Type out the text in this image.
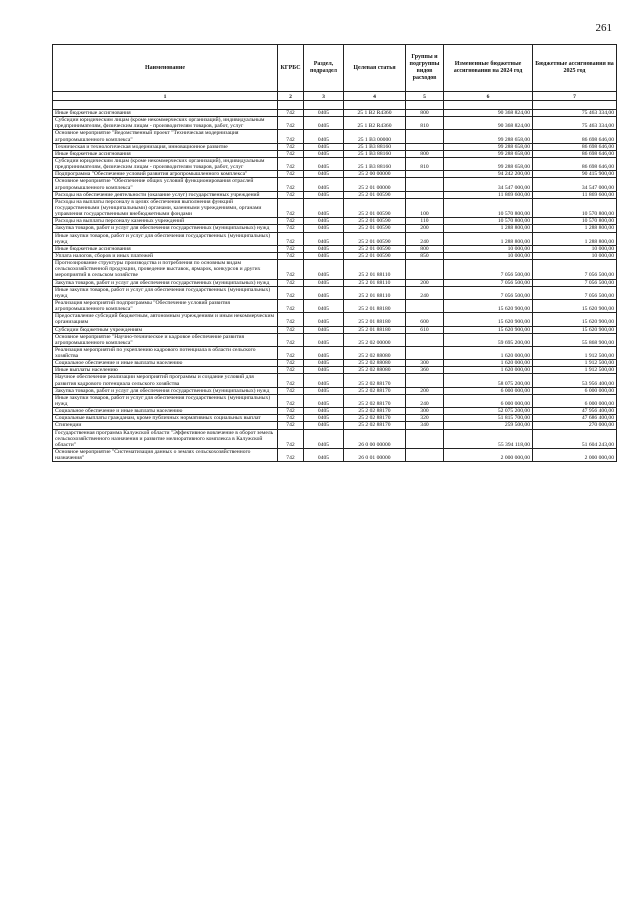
261
Наименование	КГРБС	Раздел, подраздел	Целевая статья	Группы и подгруппы видов расходов	Измененные бюджетные ассигнования на 2024 год	Бюджетные ассигнования на 2025 год
1	2	3	4	5	6	7

Иные бюджетные ассигнования	742	0405	25 1 В2 R4360	800	90 368 824,00	75 463 334,00
Субсидии юридическим лицам (кроме некоммерческих организаций), индивидуальным предпринимателям, физическим лицам - производителям товаров, работ, услуг	742	0405	25 1 В2 R4360	810	90 368 824,00	75 463 334,00
Основное мероприятие "Ведомственный проект "Техническая модернизация агропромышленного комплекса"	742	0405	25 1 В3 00000		99 288 658,00	86 698 646,00
Техническая и технологическая модернизация, инновационное развитие	742	0405	25 1 В3 88160		99 288 658,00	86 698 646,00
Иные бюджетные ассигнования	742	0405	25 1 В3 88160	800	99 288 658,00	86 698 646,00
Субсидии юридическим лицам (кроме некоммерческих организаций), индивидуальным предпринимателям, физическим лицам - производителям товаров, работ, услуг	742	0405	25 1 В3 88160	810	99 288 658,00	86 698 646,00
Подпрограмма "Обеспечение условий развития агропромышленного комплекса"	742	0405	25 2 00 00000		94 242 200,00	90 415 900,00
Основное мероприятие "Обеспечение общих условий функционирования отраслей агропромышленного комплекса"	742	0405	25 2 01 00000		34 547 000,00	34 547 000,00
Расходы на обеспечение деятельности (оказание услуг) государственных учреждений	742	0405	25 2 01 00590		11 869 600,00	11 869 600,00
Расходы на выплаты персоналу в целях обеспечения выполнения функций государственными (муниципальными) органами, казенными учреждениями, органами управления государственными внебюджетными фондами	742	0405	25 2 01 00590	100	10 570 800,00	10 570 800,00
Расходы на выплаты персоналу казенных учреждений	742	0405	25 2 01 00590	110	10 570 800,00	10 570 800,00
Закупка товаров, работ и услуг для обеспечения государственных (муниципальных) нужд	742	0405	25 2 01 00590	200	1 288 800,00	1 288 800,00
Иные закупки товаров, работ и услуг для обеспечения государственных (муниципальных) нужд	742	0405	25 2 01 00590	240	1 288 800,00	1 288 800,00
Иные бюджетные ассигнования	742	0405	25 2 01 00590	800	10 000,00	10 000,00
Уплата налогов, сборов и иных платежей	742	0405	25 2 01 00590	850	10 000,00	10 000,00
Прогнозирование структуры производства и потребления по основным видам сельскохозяйственной продукции, проведение выставок, ярмарок, конкурсов и других мероприятий в сельском хозяйстве	742	0405	25 2 01 88110		7 056 500,00	7 056 500,00
Закупка товаров, работ и услуг для обеспечения государственных (муниципальных) нужд	742	0405	25 2 01 88110	200	7 056 500,00	7 056 500,00
Иные закупки товаров, работ и услуг для обеспечения государственных (муниципальных) нужд	742	0405	25 2 01 88110	240	7 056 500,00	7 056 500,00
Реализация мероприятий подпрограммы "Обеспечение условий развития агропромышленного комплекса"	742	0405	25 2 01 88180		15 620 900,00	15 620 900,00
Предоставление субсидий бюджетным, автономным учреждениям и иным некоммерческим организациям	742	0405	25 2 01 88180	600	15 620 900,00	15 620 900,00
Субсидии бюджетным учреждениям	742	0405	25 2 01 88180	610	15 620 900,00	15 620 900,00
Основное мероприятие "Научно-техническое и кадровое обеспечение развития агропромышленного комплекса"	742	0405	25 2 02 00000		59 695 200,00	55 868 900,00
Реализация мероприятий по укреплению кадрового потенциала в области сельского хозяйства	742	0405	25 2 02 88080		1 620 000,00	1 912 500,00
Социальное обеспечение и иные выплаты населению	742	0405	25 2 02 88080	300	1 620 000,00	1 912 500,00
Иные выплаты населению	742	0405	25 2 02 88080	360	1 620 000,00	1 912 500,00
Научное обеспечение реализации мероприятий программы и создание условий для развития кадрового потенциала сельского хозяйства	742	0405	25 2 02 88170		58 075 200,00	53 956 400,00
Закупка товаров, работ и услуг для обеспечения государственных (муниципальных) нужд	742	0405	25 2 02 88170	200	6 000 000,00	6 000 000,00
Иные закупки товаров, работ и услуг для обеспечения государственных (муниципальных) нужд	742	0405	25 2 02 88170	240	6 000 000,00	6 000 000,00
Социальное обеспечение и иные выплаты населению	742	0405	25 2 02 88170	300	52 075 200,00	47 956 400,00
Социальные выплаты гражданам, кроме публичных нормативных социальных выплат	742	0405	25 2 02 88170	320	51 815 700,00	47 686 400,00
Стипендии	742	0405	25 2 02 88170	340	259 500,00	270 000,00
Государственная программа Калужской области "Эффективное вовлечение в оборот земель сельскохозяйственного назначения и развитие мелиоративного комплекса в Калужской области"	742	0405	26 0 00 00000		55 394 118,00	51 604 243,00
Основное мероприятие "Систематизация данных о землях сельскохозяйственного назначения"	742	0405	26 0 01 00000		2 000 000,00	2 000 000,00
